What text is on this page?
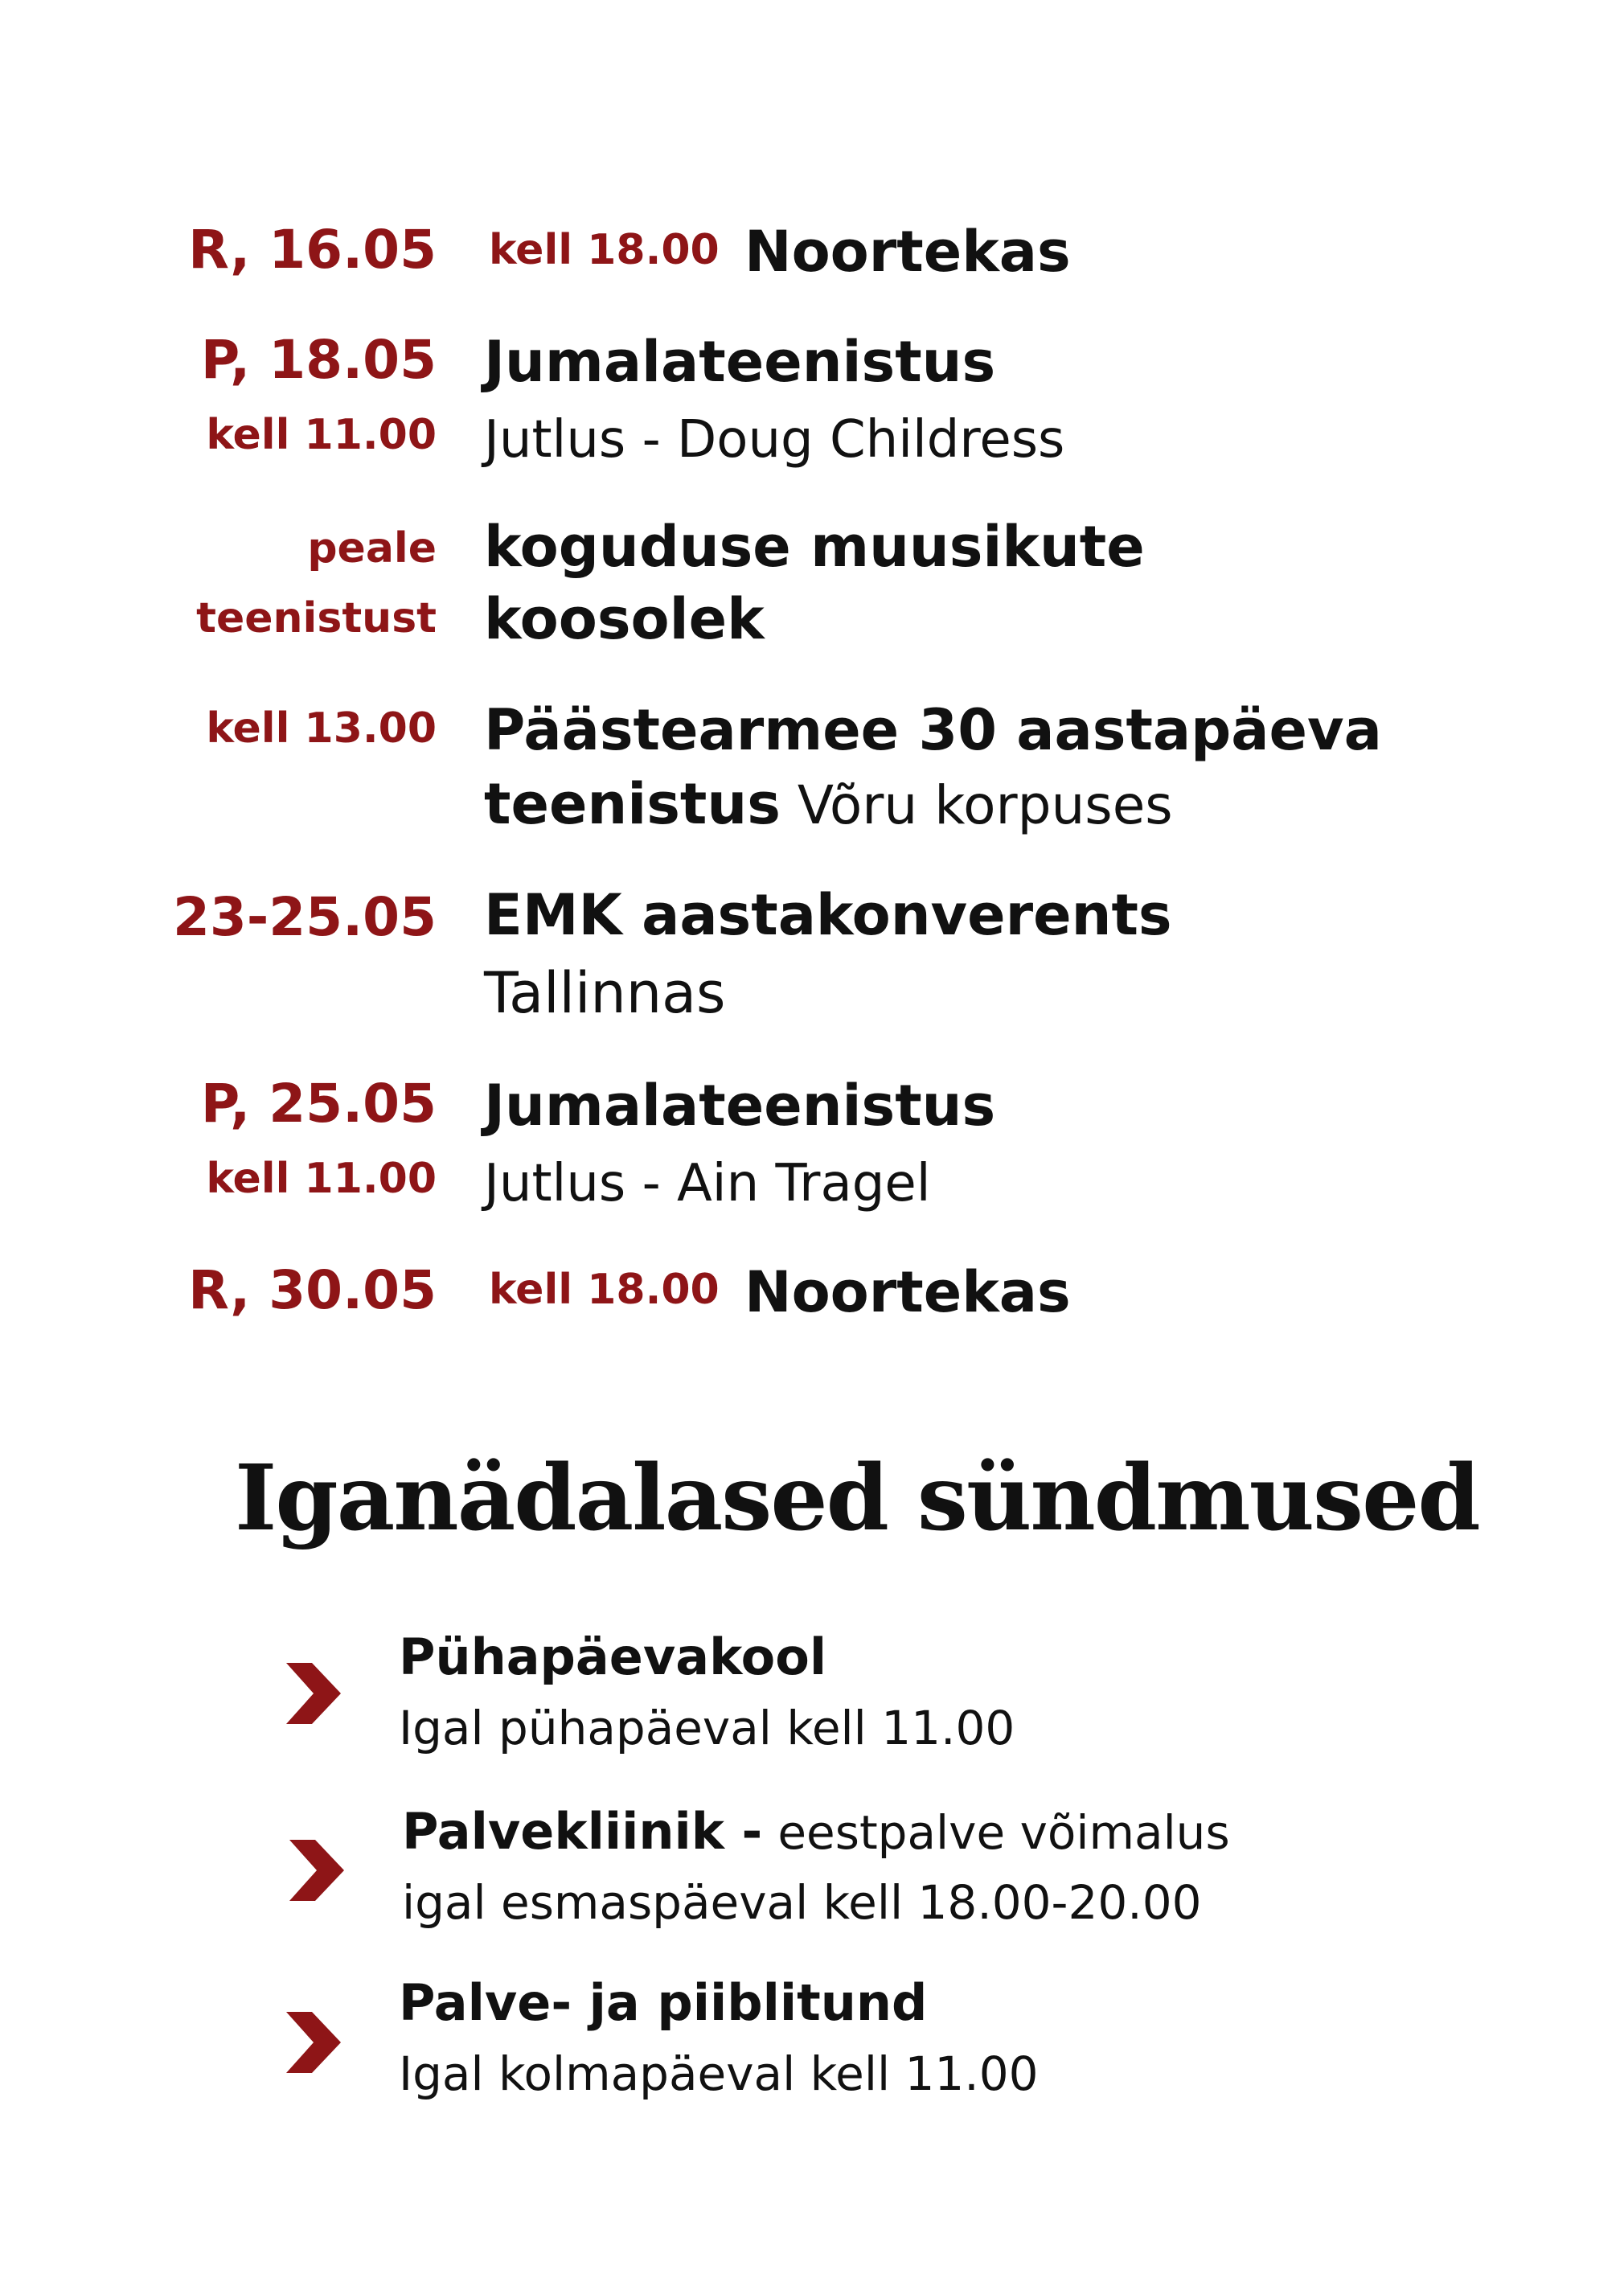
R, 16.05 kell 18.00 Noortekas
P, 18.05
kell 11.00
Jumalateenistus
Jutlus - Doug Childress
peale
teenistust
koguduse muusikute
koosolek
kell 13.00 Päästearmee 30 aastapäeva
teenistus Võru korpuses
23-25.05 EMK aastakonverents
Tallinnas
P, 25.05
kell 11.00
Jumalateenistus
Jutlus - Ain Tragel
R, 30.05 kell 18.00 Noortekas
Iganädalased sündmused
Pühapäevakool
Igal pühapäeval kell 11.00
Palvekliinik - eestpalve võimalus
igal esmaspäeval kell 18.00-20.00
Palve- ja piiblitund
Igal kolmapäeval kell 11.00
